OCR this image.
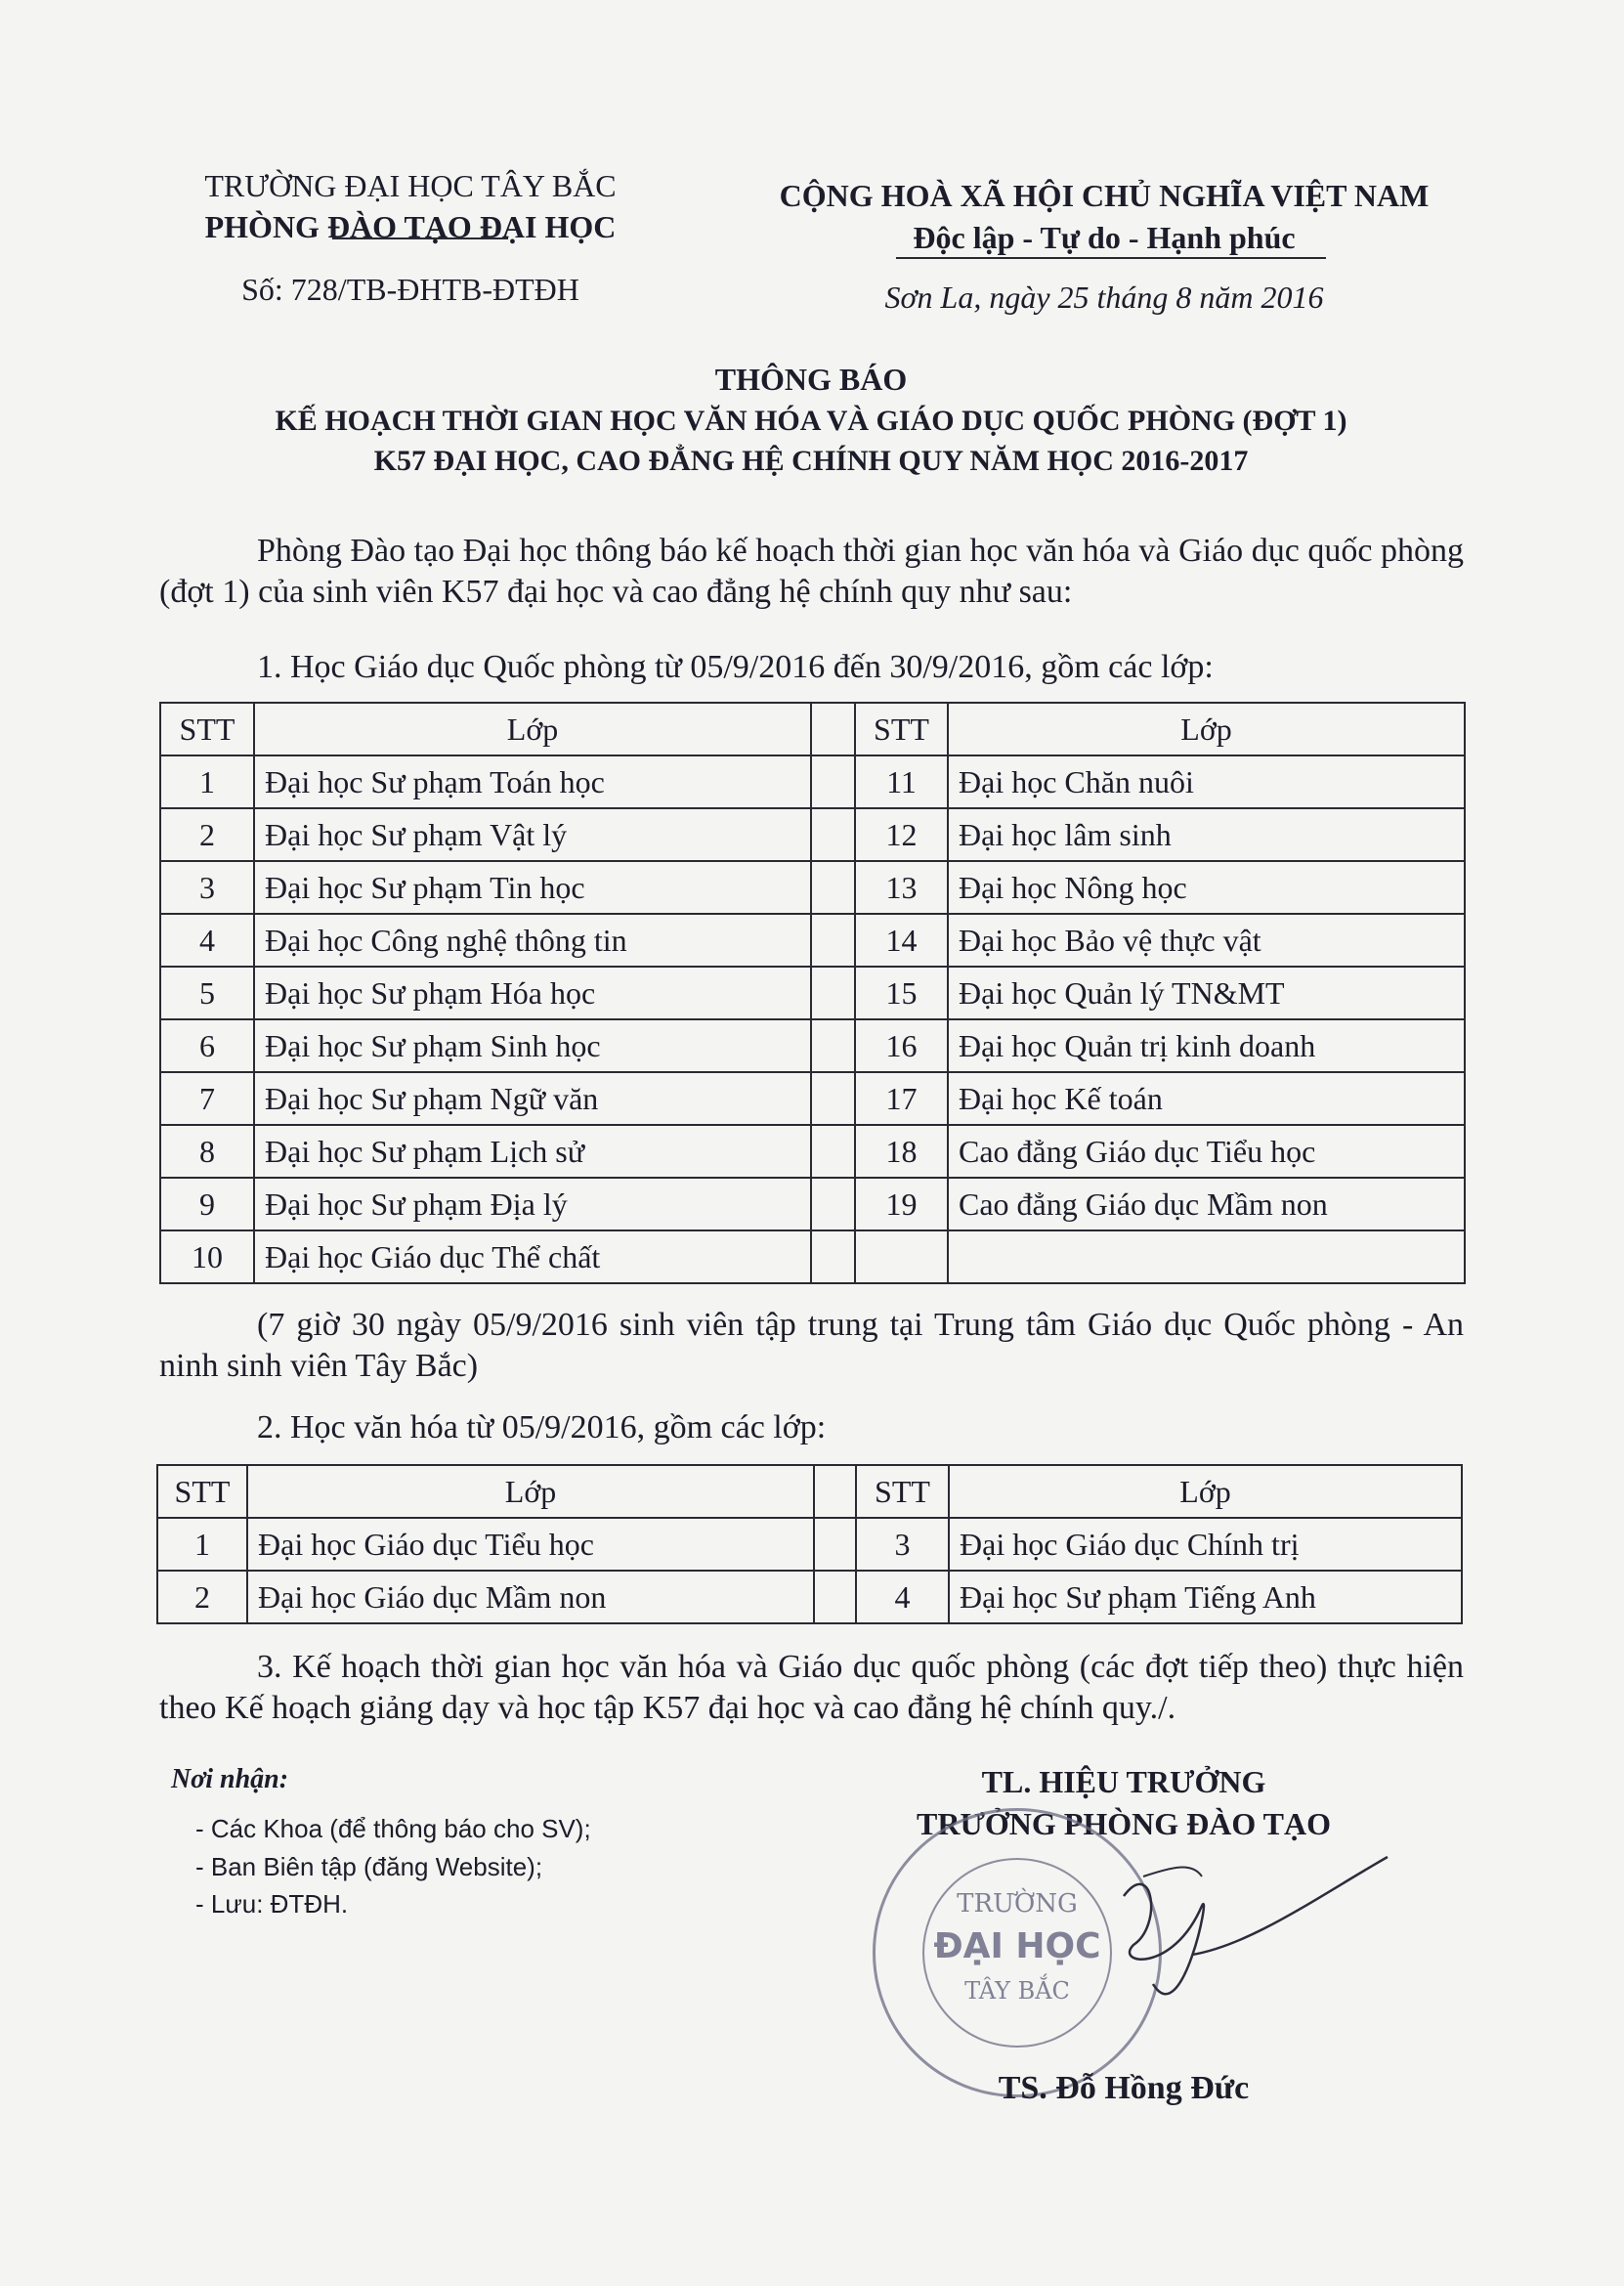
TRƯỜNG ĐẠI HỌC TÂY BẮC
PHÒNG ĐÀO TẠO ĐẠI HỌC
Số: 728/TB-ĐHTB-ĐTĐH
CỘNG HOÀ XÃ HỘI CHỦ NGHĨA VIỆT NAM
Độc lập - Tự do - Hạnh phúc
Sơn La, ngày 25 tháng 8 năm 2016
THÔNG BÁO
KẾ HOẠCH THỜI GIAN HỌC VĂN HÓA VÀ GIÁO DỤC QUỐC PHÒNG (ĐỢT 1)
K57 ĐẠI HỌC, CAO ĐẲNG HỆ CHÍNH QUY NĂM HỌC 2016-2017
Phòng Đào tạo Đại học thông báo kế hoạch thời gian học văn hóa và Giáo dục quốc phòng (đợt 1) của sinh viên K57 đại học và cao đẳng hệ chính quy như sau:
1. Học Giáo dục Quốc phòng từ 05/9/2016 đến 30/9/2016, gồm các lớp:
STT	Lớp		STT	Lớp
1	Đại học Sư phạm Toán học		11	Đại học Chăn nuôi
2	Đại học Sư phạm Vật lý		12	Đại học lâm sinh
3	Đại học Sư phạm Tin học		13	Đại học Nông học
4	Đại học Công nghệ thông tin		14	Đại học Bảo vệ thực vật
5	Đại học Sư phạm Hóa học		15	Đại học Quản lý TN&MT
6	Đại học Sư phạm Sinh học		16	Đại học Quản trị kinh doanh
7	Đại học Sư phạm Ngữ văn		17	Đại học Kế toán
8	Đại học Sư phạm Lịch sử		18	Cao đẳng Giáo dục Tiểu học
9	Đại học Sư phạm Địa lý		19	Cao đẳng Giáo dục Mầm non
10	Đại học Giáo dục Thể chất			
(7 giờ 30 ngày 05/9/2016 sinh viên tập trung tại Trung tâm Giáo dục Quốc phòng - An ninh sinh viên Tây Bắc)
2. Học văn hóa từ 05/9/2016, gồm các lớp:
STT	Lớp		STT	Lớp
1	Đại học Giáo dục Tiểu học		3	Đại học Giáo dục Chính trị
2	Đại học Giáo dục Mầm non		4	Đại học Sư phạm Tiếng Anh
3. Kế hoạch thời gian học văn hóa và Giáo dục quốc phòng (các đợt tiếp theo) thực hiện theo Kế hoạch giảng dạy và học tập K57 đại học và cao đẳng hệ chính quy./.
Nơi nhận:
- Các Khoa (để thông báo cho SV);
- Ban Biên tập (đăng Website);
- Lưu: ĐTĐH.
TL. HIỆU TRƯỞNG
TRƯỞNG PHÒNG ĐÀO TẠO
TRƯỜNG
ĐẠI HỌC
TÂY BẮC
TS. Đỗ Hồng Đức
